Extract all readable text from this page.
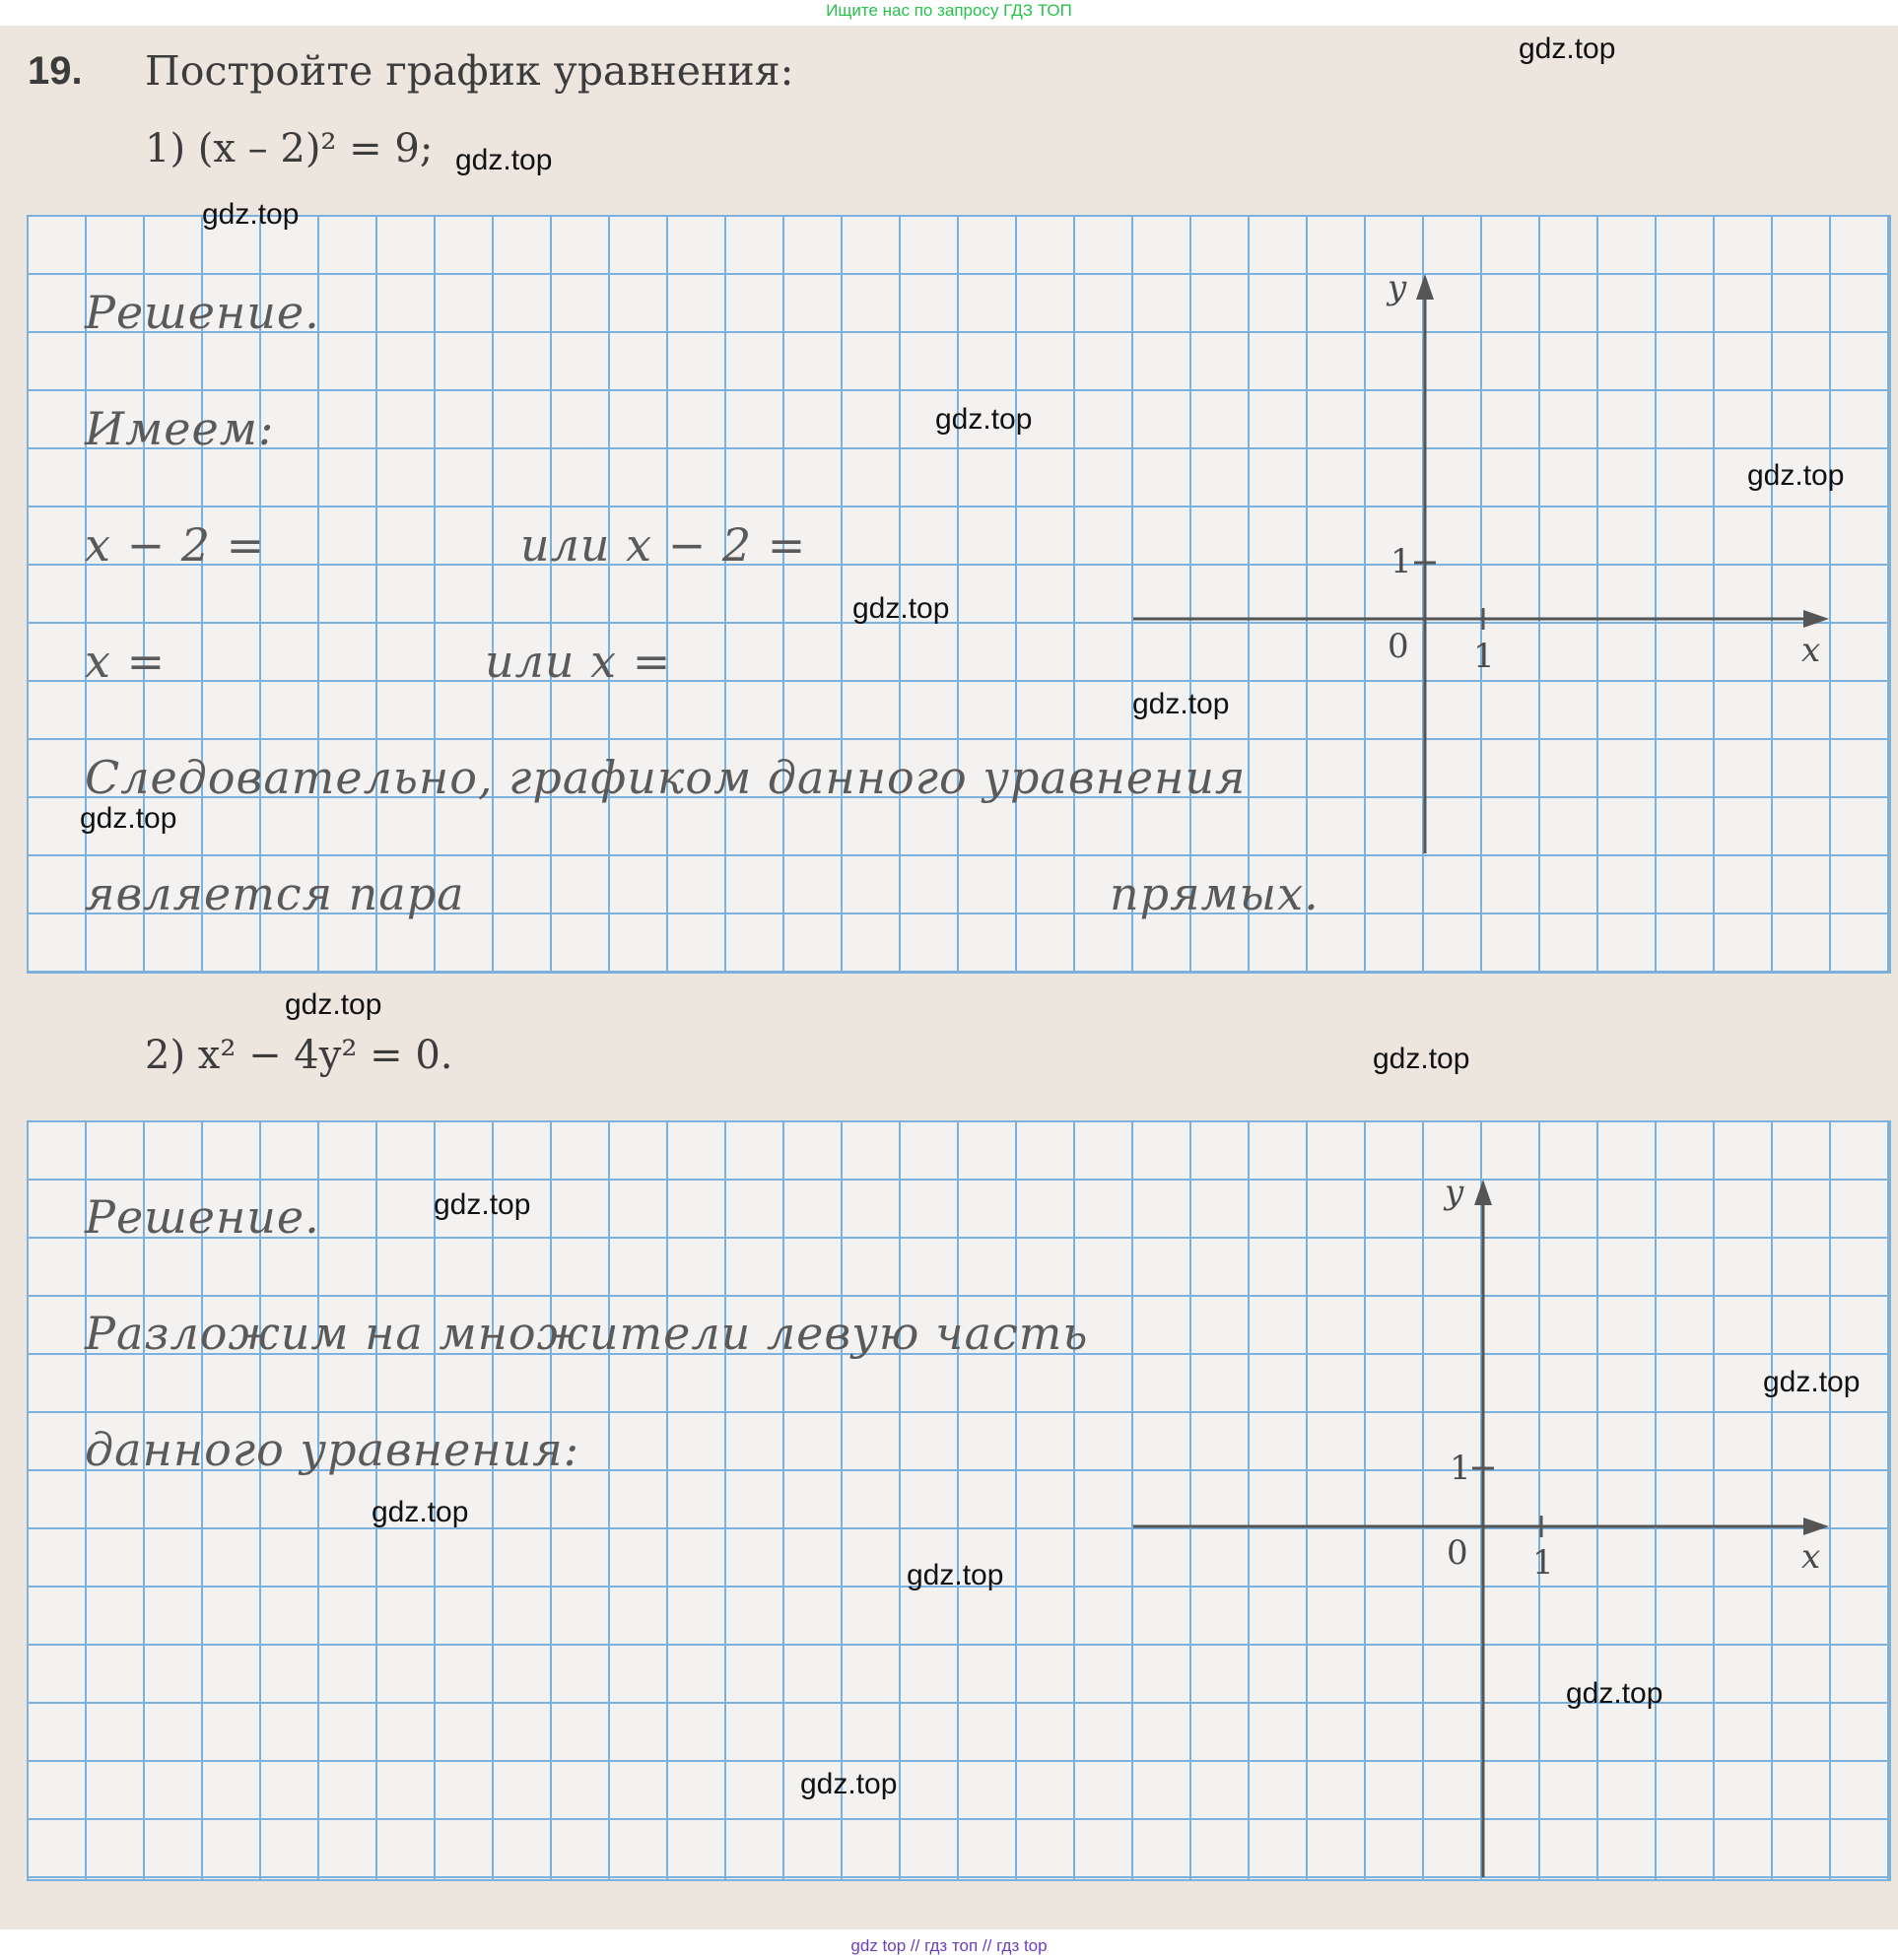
Ищите нас по запросу ГДЗ ТОП
19. Постройте график уравнения:
1) (x – 2)² = 9;
Решение.
Имеем:
x − 2 =	или x − 2 =
x =	или x =
Следовательно, графиком данного уравнения
является пара	прямых.
y
x
0 1
1
2) x² − 4y² = 0.
Решение.
Разложим на множители левую часть
данного уравнения:
y
x
0 1
1
gdz.top
gdz.top
gdz.top
gdz.top
gdz.top
gdz.top
gdz.top
gdz.top
gdz.top
gdz.top
gdz.top
gdz.top
gdz.top
gdz.top
gdz.top
gdz.top
gdz top // гдз топ // гдз top
